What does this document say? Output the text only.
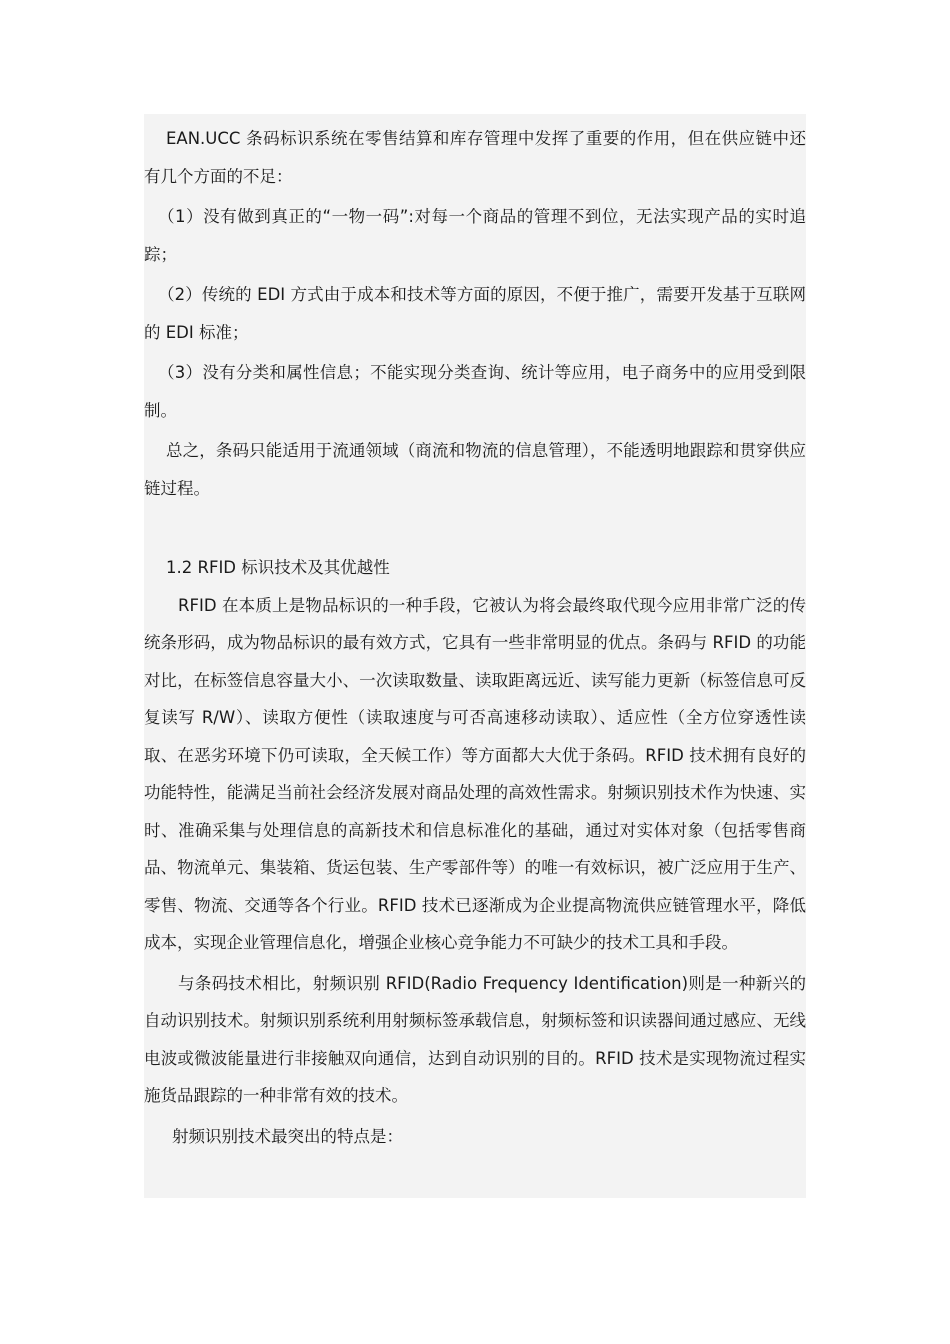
EAN.UCC 条码标识系统在零售结算和库存管理中发挥了重要的作用，但在供应链中还有几个方面的不足：

（1）没有做到真正的“一物一码”:对每一个商品的管理不到位，无法实现产品的实时追踪；

（2）传统的 EDI 方式由于成本和技术等方面的原因，不便于推广，需要开发基于互联网的 EDI 标准；

（3）没有分类和属性信息；不能实现分类查询、统计等应用，电子商务中的应用受到限制。

总之，条码只能适用于流通领域（商流和物流的信息管理），不能透明地跟踪和贯穿供应链过程。

1.2 RFID 标识技术及其优越性

RFID 在本质上是物品标识的一种手段，它被认为将会最终取代现今应用非常广泛的传统条形码，成为物品标识的最有效方式，它具有一些非常明显的优点。条码与 RFID 的功能对比，在标签信息容量大小、一次读取数量、读取距离远近、读写能力更新（标签信息可反复读写 R/W）、读取方便性（读取速度与可否高速移动读取）、适应性（全方位穿透性读取、在恶劣环境下仍可读取，全天候工作）等方面都大大优于条码。RFID 技术拥有良好的功能特性，能满足当前社会经济发展对商品处理的高效性需求。射频识别技术作为快速、实时、准确采集与处理信息的高新技术和信息标准化的基础，通过对实体对象（包括零售商品、物流单元、集装箱、货运包装、生产零部件等）的唯一有效标识，被广泛应用于生产、零售、物流、交通等各个行业。RFID 技术已逐渐成为企业提高物流供应链管理水平，降低成本，实现企业管理信息化，增强企业核心竞争能力不可缺少的技术工具和手段。

与条码技术相比，射频识别 RFID(Radio Frequency Identification)则是一种新兴的自动识别技术。射频识别系统利用射频标签承载信息，射频标签和识读器间通过感应、无线电波或微波能量进行非接触双向通信，达到自动识别的目的。RFID 技术是实现物流过程实施货品跟踪的一种非常有效的技术。

射频识别技术最突出的特点是：
